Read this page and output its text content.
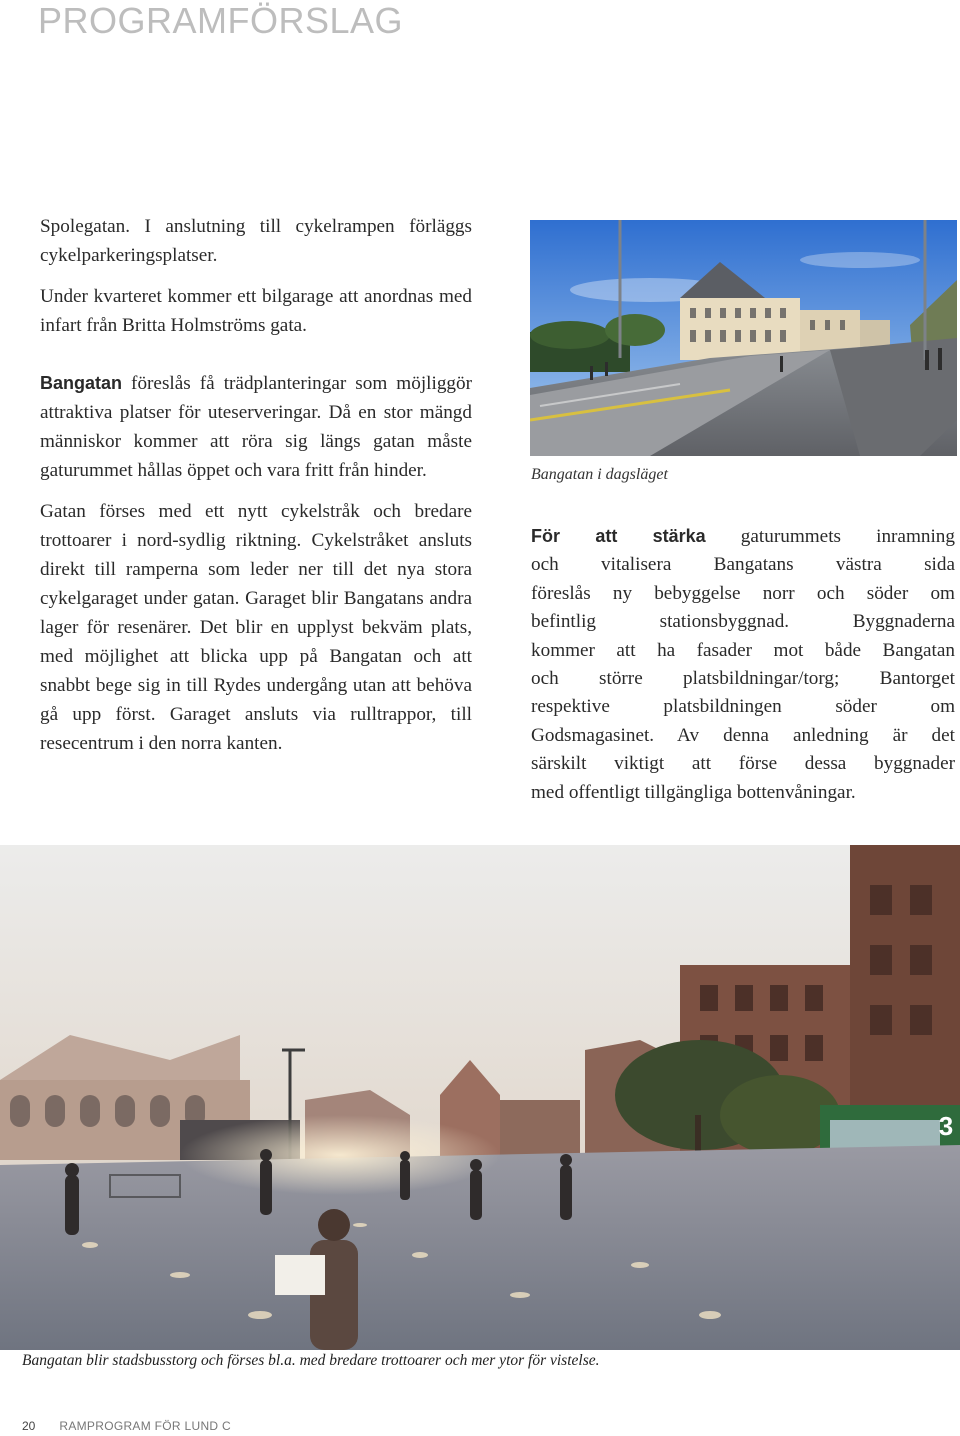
PROGRAMFÖRSLAG

Spolegatan. I anslutning till cykelrampen förläggs cykelparkeringsplatser.

Under kvarteret kommer ett bilgarage att anordnas med infart från Britta Holmströms gata.

Bangatan föreslås få trädplanteringar som möjliggör attraktiva platser för uteserveringar. Då en stor mängd människor kommer att röra sig längs gatan måste gaturummet hållas öppet och vara fritt från hinder.

Gatan förses med ett nytt cykelstråk och bredare trottoarer i nord-sydlig riktning. Cykelstråket ansluts direkt till ramperna som leder ner till det nya stora cykelgaraget under gatan. Garaget blir Bangatans andra lager för resenärer. Det blir en upplyst bekväm plats, med möjlighet att blicka upp på Bangatan och att snabbt bege sig in till Rydes undergång utan att behöva gå upp först. Garaget ansluts via rulltrappor, till resecentrum i den norra kanten.

Bangatan i dagsläget

För att stärka gaturummets inramning

och vitalisera Bangatans västra sida

föreslås ny bebyggelse norr och söder om

befintlig stationsbyggnad. Byggnaderna

kommer att ha fasader mot både Bangatan

och större platsbildningar/torg; Bantorget

respektive platsbildningen söder om

Godsmagasinet. Av denna anledning är det

särskilt viktigt att förse dessa byggnader

med offentligt tillgängliga bottenvåningar.

3
Bangatan blir stadsbusstorg och förses bl.a. med bredare trottoarer och mer ytor för vistelse.
20 RAMPROGRAM FÖR LUND C
